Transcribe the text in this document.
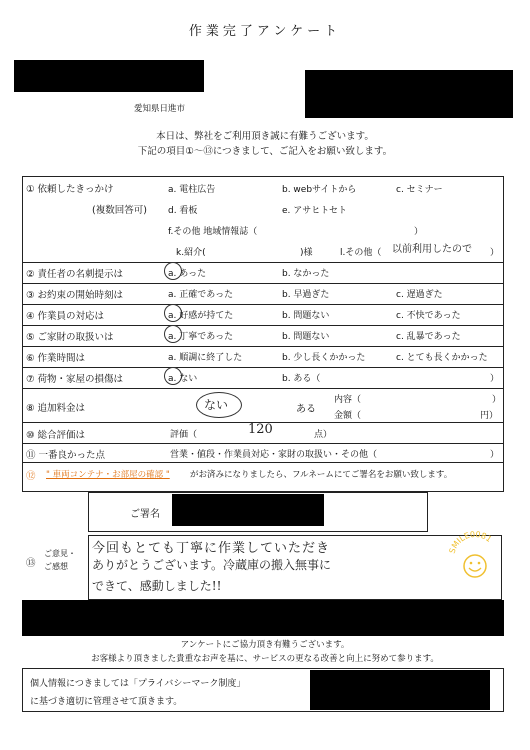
作業完了アンケート
愛知県日進市
本日は、弊社をご利用頂き誠に有難うございます。
下記の項目①～⑬につきまして、ご記入をお願い致します。
① 依頼したきっかけ	a. 電柱広告	b. webサイトから	c. セミナー
(複数回答可) d. 看板	e. アサヒトセト
f.その他 地域情報誌（	）
k.紹介(	)様	l.その他（ 以前利用したので ）
② 責任者の名刺提示は	a. あった	b. なかった
③ お約束の開始時刻は	a. 正確であった	b. 早過ぎた	c. 遅過ぎた
④ 作業員の対応は	a. 好感が持てた	b. 問題ない	c. 不快であった
⑤ ご家財の取扱いは	a. 丁寧であった	b. 問題ない	c. 乱暴であった
⑥ 作業時間は	a. 順調に終了した	b. 少し長くかかった	c. とても長くかかった
⑦ 荷物・家屋の損傷は	a. ない	b. ある（	）
⑧ 追加料金は	ない	ある
内容（	）
金額（	円）
⑩ 総合評価は	評価（	120	点）
⑪ 一番良かった点	営業・値段・作業員対応・家財の取扱い・その他（	）
⑫ " 車両コンテナ・お部屋の確認 " がお済みになりましたら、フルネームにてご署名をお願い致します。
ご署名
⑬
ご意見・
ご感想
今回もとても丁寧に作業していただき
ありがとうございます。冷蔵庫の搬入無事に
できて、感動しました!!
SMILE0081
アンケートにご協力頂き有難うございます。
お客様より頂きました貴重なお声を基に、サービスの更なる改善と向上に努めて参ります。
個人情報につきましては「プライバシーマーク制度」
に基づき適切に管理させて頂きます。
